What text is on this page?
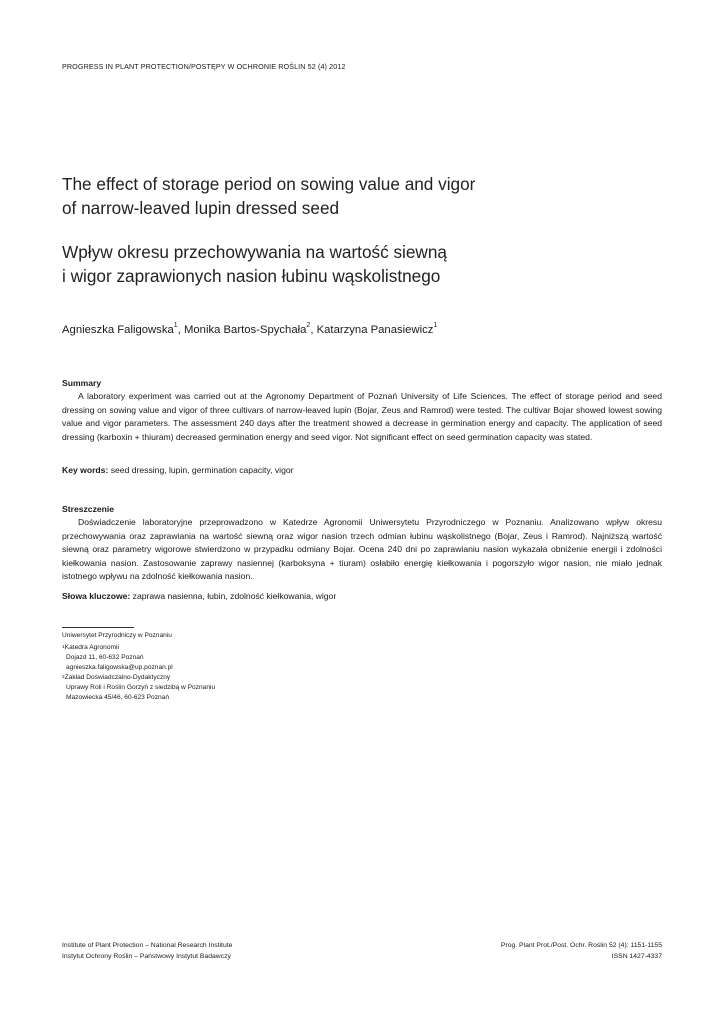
PROGRESS IN PLANT PROTECTION/POSTĘPY W OCHRONIE ROŚLIN 52 (4) 2012
The effect of storage period on sowing value and vigor
of narrow-leaved lupin dressed seed
Wpływ okresu przechowywania na wartość siewną
i wigor zaprawionych nasion łubinu wąskolistnego
Agnieszka Faligowska$^1$, Monika Bartos-Spychała$^2$, Katarzyna Panasiewicz$^1$
Summary

A laboratory experiment was carried out at the Agronomy Department of Poznań University of Life Sciences. The effect of storage period and seed dressing on sowing value and vigor of three cultivars of narrow-leaved lupin (Bojar, Zeus and Ramrod) were tested. The cultivar Bojar showed lowest sowing value and vigor parameters. The assessment 240 days after the treatment showed a decrease in germination energy and capacity. The application of seed dressing (karboxin + thiuram) decreased germination energy and seed vigor. Not significant effect on seed germination capacity was stated.

Key words: seed dressing, lupin, germination capacity, vigor
Streszczenie

Doświadczenie laboratoryjne przeprowadzono w Katedrze Agronomii Uniwersytetu Przyrodniczego w Poznaniu. Analizowano wpływ okresu przechowywania oraz zaprawiania na wartość siewną oraz wigor nasion trzech odmian łubinu wąskolistnego (Bojar, Zeus i Ramrod). Najniższą wartość siewną oraz parametry wigorowe stwierdzono w przypadku odmiany Bojar. Ocena 240 dni po zaprawianiu nasion wykazała obniżenie energii i zdolności kiełkowania nasion. Zastosowanie zaprawy nasiennej (karboksyna + tiuram) osłabiło energię kiełkowania i pogorszyło wigor nasion, nie miało jednak istotnego wpływu na zdolność kiełkowania nasion.

Słowa kluczowe: zaprawa nasienna, łubin, zdolność kiełkowania, wigor
Uniwersytet Przyrodniczy w Poznaniu
$^1$Katedra Agronomii
Dojazd 11, 60-632 Poznań
agnieszka.faligowska@up.poznan.pl
$^2$Zakład Doświadczalno-Dydaktyczny
Uprawy Roli i Roślin Gorzyń z siedzibą w Poznaniu
Mazowiecka 45/46, 60-623 Poznań
Institute of Plant Protection – National Research Institute
Instytut Ochrony Roślin – Państwowy Instytut Badawczy
Prog. Plant Prot./Post. Ochr. Roślin 52 (4): 1151-1155
ISSN 1427-4337
